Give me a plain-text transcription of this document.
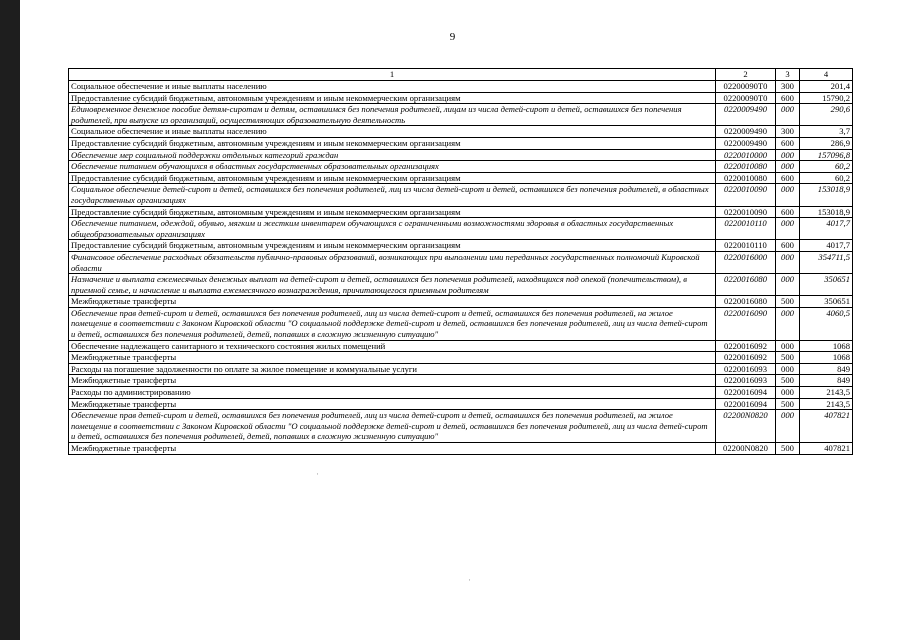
9
1	2	3	4
Социальное обеспечение и иные выплаты населению	02200090Т0	300	201,4
Предоставление субсидий бюджетным, автономным учреждениям и иным некоммерческим организациям	02200090Т0	600	15790,2
Единовременное денежное пособие детям-сиротам и детям, оставшимся без попечения родителей, лицам из числа детей-сирот и детей, оставшихся без попечения родителей, при выпуске из организаций, осуществляющих образовательную деятельность	0220009490	000	290,6
Социальное обеспечение и иные выплаты населению	0220009490	300	3,7
Предоставление субсидий бюджетным, автономным учреждениям и иным некоммерческим организациям	0220009490	600	286,9
Обеспечение мер социальной поддержки отдельных категорий граждан	0220010000	000	157096,8
Обеспечение питанием обучающихся в областных государственных образовательных организациях	0220010080	000	60,2
Предоставление субсидий бюджетным, автономным учреждениям и иным некоммерческим организациям	0220010080	600	60,2
Социальное обеспечение детей-сирот и детей, оставшихся без попечения родителей, лиц из числа детей-сирот и детей, оставшихся без попечения родителей, в областных государственных организациях	0220010090	000	153018,9
Предоставление субсидий бюджетным, автономным учреждениям и иным некоммерческим организациям	0220010090	600	153018,9
Обеспечение питанием, одеждой, обувью, мягким и жестким инвентарем обучающихся с ограниченными возможностями здоровья в областных государственных общеобразовательных организациях	0220010110	000	4017,7
Предоставление субсидий бюджетным, автономным учреждениям и иным некоммерческим организациям	0220010110	600	4017,7
Финансовое обеспечение расходных обязательств публично-правовых образований, возникающих при выполнении ими переданных государственных полномочий Кировской области	0220016000	000	354711,5
Назначение и выплата ежемесячных денежных выплат на детей-сирот и детей, оставшихся без попечения родителей, находящихся под опекой (попечительством), в приемной семье, и начисление и выплата ежемесячного вознаграждения, причитающегося приемным родителям	0220016080	000	350651
Межбюджетные трансферты	0220016080	500	350651
Обеспечение прав детей-сирот и детей, оставшихся без попечения родителей, лиц из числа детей-сирот и детей, оставшихся без попечения родителей, на жилое помещение в соответствии с Законом Кировской области "О социальной поддержке детей-сирот и детей, оставшихся без попечения родителей, лиц из числа детей-сирот и детей, оставшихся без попечения родителей, детей, попавших в сложную жизненную ситуацию"	0220016090	000	4060,5
Обеспечение надлежащего санитарного и технического состояния жилых помещений	0220016092	000	1068
Межбюджетные трансферты	0220016092	500	1068
Расходы на погашение задолженности по оплате за жилое помещение и коммунальные услуги	0220016093	000	849
Межбюджетные трансферты	0220016093	500	849
Расходы по администрированию	0220016094	000	2143,5
Межбюджетные трансферты	0220016094	500	2143,5
Обеспечение прав детей-сирот и детей, оставшихся без попечения родителей, лиц из числа детей-сирот и детей, оставшихся без попечения родителей, на жилое помещение в соответствии с Законом Кировской области "О социальной поддержке детей-сирот и детей, оставшихся без попечения родителей, лиц из числа детей-сирот и детей, оставшихся без попечения родителей, детей, попавших в сложную жизненную ситуацию"	02200N0820	000	407821
Межбюджетные трансферты	02200N0820	500	407821
·
·
